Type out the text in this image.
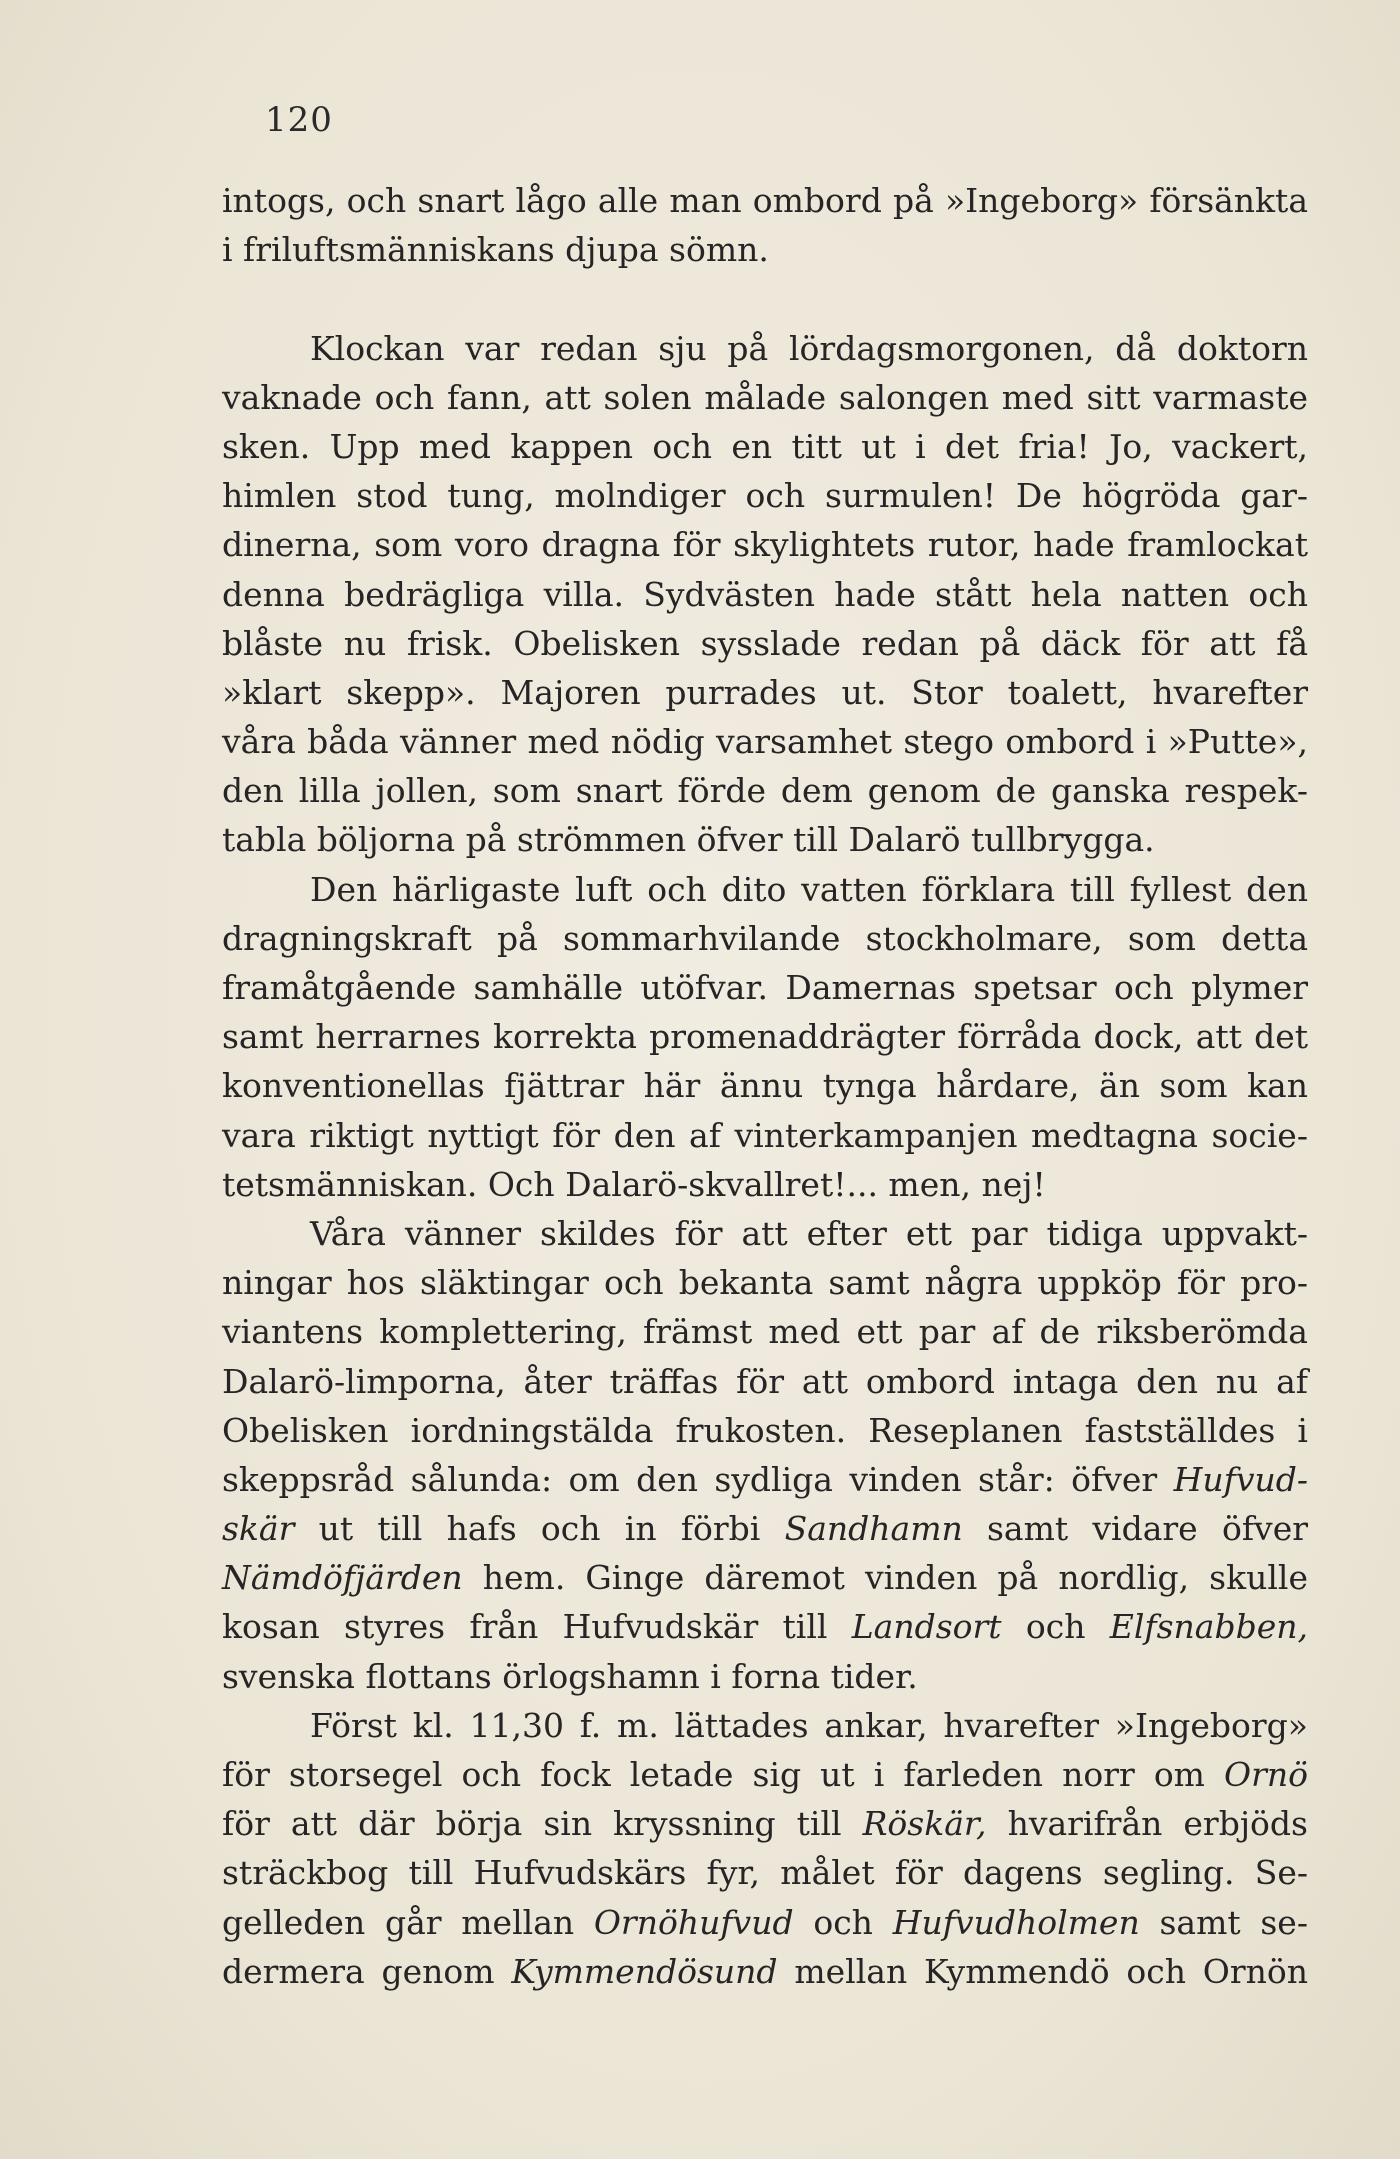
120
intogs, och snart lågo alle man ombord på »Ingeborg» försänkta
i friluftsmänniskans djupa sömn.
Klockan var redan sju på lördagsmorgonen, då doktorn
vaknade och fann, att solen målade salongen med sitt varmaste
sken. Upp med kappen och en titt ut i det fria! Jo, vackert,
himlen stod tung, molndiger och surmulen! De högröda gar-
dinerna, som voro dragna för skylightets rutor, hade framlockat
denna bedrägliga villa. Sydvästen hade stått hela natten och
blåste nu frisk. Obelisken sysslade redan på däck för att få
»klart skepp». Majoren purrades ut. Stor toalett, hvarefter
våra båda vänner med nödig varsamhet stego ombord i »Putte»,
den lilla jollen, som snart förde dem genom de ganska respek-
tabla böljorna på strömmen öfver till Dalarö tullbrygga.
Den härligaste luft och dito vatten förklara till fyllest den
dragningskraft på sommarhvilande stockholmare, som detta
framåtgående samhälle utöfvar. Damernas spetsar och plymer
samt herrarnes korrekta promenaddrägter förråda dock, att det
konventionellas fjättrar här ännu tynga hårdare, än som kan
vara riktigt nyttigt för den af vinterkampanjen medtagna socie-
tetsmänniskan. Och Dalarö-skvallret!... men, nej!
Våra vänner skildes för att efter ett par tidiga uppvakt-
ningar hos släktingar och bekanta samt några uppköp för pro-
viantens komplettering, främst med ett par af de riksberömda
Dalarö-limporna, åter träffas för att ombord intaga den nu af
Obelisken iordningstälda frukosten. Reseplanen fastställdes i
skeppsråd sålunda: om den sydliga vinden står: öfver Hufvud-
skär ut till hafs och in förbi Sandhamn samt vidare öfver
Nämdöfjärden hem. Ginge däremot vinden på nordlig, skulle
kosan styres från Hufvudskär till Landsort och Elfsnabben,
svenska flottans örlogshamn i forna tider.
Först kl. 11,30 f. m. lättades ankar, hvarefter »Ingeborg»
för storsegel och fock letade sig ut i farleden norr om Ornö
för att där börja sin kryssning till Röskär, hvarifrån erbjöds
sträckbog till Hufvudskärs fyr, målet för dagens segling. Se-
gelleden går mellan Ornöhufvud och Hufvudholmen samt se-
dermera genom Kymmendösund mellan Kymmendö och Ornön
